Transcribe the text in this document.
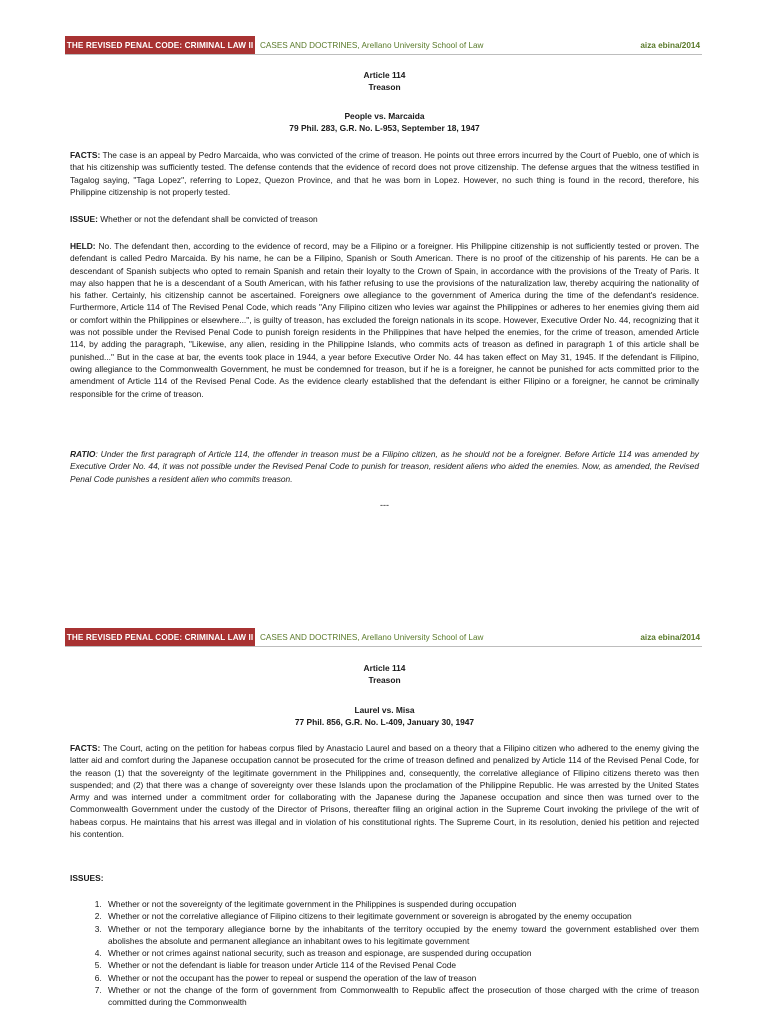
THE REVISED PENAL CODE: CRIMINAL LAW II CASES AND DOCTRINES, Arellano University School of Law	aiza ebina/2014
Article 114
Treason
People vs. Marcaida
79 Phil. 283, G.R. No. L-953, September 18, 1947

FACTS: The case is an appeal by Pedro Marcaida, who was convicted of the crime of treason. He points out three errors incurred by the Court of Pueblo, one of which is that his citizenship was sufficiently tested. The defense contends that the evidence of record does not prove citizenship. The defense argues that the witness testified in Tagalog saying, "Taga Lopez", referring to Lopez, Quezon Province, and that he was born in Lopez. However, no such thing is found in the record, therefore, his Philippine citizenship is not properly tested.

ISSUE: Whether or not the defendant shall be convicted of treason

HELD: No. The defendant then, according to the evidence of record, may be a Filipino or a foreigner. His Philippine citizenship is not sufficiently tested or proven. The defendant is called Pedro Marcaida. By his name, he can be a Filipino, Spanish or South American. There is no proof of the citizenship of his parents. He can be a descendant of Spanish subjects who opted to remain Spanish and retain their loyalty to the Crown of Spain, in accordance with the provisions of the Treaty of Paris. It may also happen that he is a descendant of a South American, with his father refusing to use the provisions of the naturalization law, thereby acquiring the nationality of his father. Certainly, his citizenship cannot be ascertained. Foreigners owe allegiance to the government of America during the time of the defendant's residence. Furthermore, Article 114 of The Revised Penal Code, which reads "Any Filipino citizen who levies war against the Philippines or adheres to her enemies giving them aid or comfort within the Philippines or elsewhere...", is guilty of treason, has excluded the foreign nationals in its scope. However, Executive Order No. 44, recognizing that it was not possible under the Revised Penal Code to punish foreign residents in the Philippines that have helped the enemies, for the crime of treason, amended Article 114, by adding the paragraph, "Likewise, any alien, residing in the Philippine Islands, who commits acts of treason as defined in paragraph 1 of this article shall be punished..." But in the case at bar, the events took place in 1944, a year before Executive Order No. 44 has taken effect on May 31, 1945. If the defendant is Filipino, owing allegiance to the Commonwealth Government, he must be condemned for treason, but if he is a foreigner, he cannot be punished for acts committed prior to the amendment of Article 114 of the Revised Penal Code. As the evidence clearly established that the defendant is either Filipino or a foreigner, he cannot be criminally responsible for the crime of treason.

RATIO: Under the first paragraph of Article 114, the offender in treason must be a Filipino citizen, as he should not be a foreigner. Before Article 114 was amended by Executive Order No. 44, it was not possible under the Revised Penal Code to punish for treason, resident aliens who aided the enemies. Now, as amended, the Revised Penal Code punishes a resident alien who commits treason.

---
THE REVISED PENAL CODE: CRIMINAL LAW II CASES AND DOCTRINES, Arellano University School of Law	aiza ebina/2014
Article 114
Treason
Laurel vs. Misa
77 Phil. 856, G.R. No. L-409, January 30, 1947

FACTS: The Court, acting on the petition for habeas corpus filed by Anastacio Laurel and based on a theory that a Filipino citizen who adhered to the enemy giving the latter aid and comfort during the Japanese occupation cannot be prosecuted for the crime of treason defined and penalized by Article 114 of the Revised Penal Code, for the reason (1) that the sovereignty of the legitimate government in the Philippines and, consequently, the correlative allegiance of Filipino citizens thereto was then suspended; and (2) that there was a change of sovereignty over these Islands upon the proclamation of the Philippine Republic. He was arrested by the United States Army and was interned under a commitment order for collaborating with the Japanese during the Japanese occupation and since then was turned over to the Commonwealth Government under the custody of the Director of Prisons, thereafter filing an original action in the Supreme Court invoking the privilege of the writ of habeas corpus. He maintains that his arrest was illegal and in violation of his constitutional rights. The Supreme Court, in its resolution, denied his petition and rejected his contention.

ISSUES:

1. Whether or not the sovereignty of the legitimate government in the Philippines is suspended during occupation
2. Whether or not the correlative allegiance of Filipino citizens to their legitimate government or sovereign is abrogated by the enemy occupation
3. Whether or not the temporary allegiance borne by the inhabitants of the territory occupied by the enemy toward the government established over them abolishes the absolute and permanent allegiance an inhabitant owes to his legitimate government
4. Whether or not crimes against national security, such as treason and espionage, are suspended during occupation
5. Whether or not the defendant is liable for treason under Article 114 of the Revised Penal Code
6. Whether or not the occupant has the power to repeal or suspend the operation of the law of treason
7. Whether or not the change of the form of government from Commonwealth to Republic affect the prosecution of those charged with the crime of treason committed during the Commonwealth
